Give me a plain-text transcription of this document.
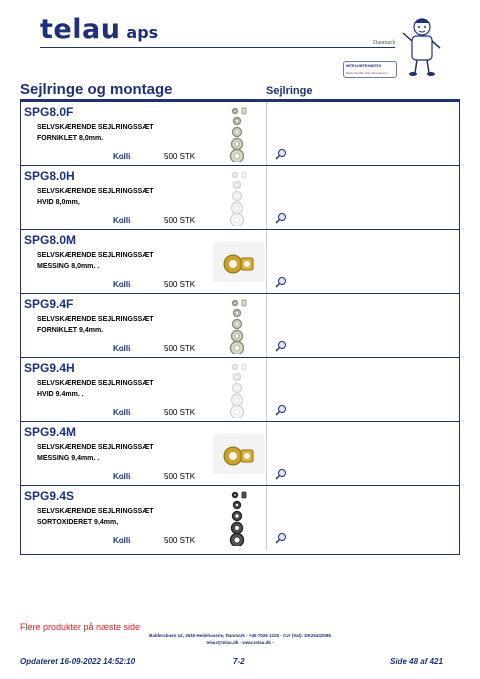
telau aps
Danmark
IMTEXLIMTEXIMITEX
Maske ID: 4100, 2012, Danmark af er
Sejlringe og montage	Sejlringe
SPG8.0F
SELVSKÆRENDE SEJLRINGSSÆT
FORNIKLET 8,0mm.
Kolli	500 STK
SPG8.0H
SELVSKÆRENDE SEJLRINGSSÆT
HVID 8,0mm,
Kolli	500 STK
SPG8.0M
SELVSKÆRENDE SEJLRINGSSÆT
MESSING 8,0mm. .
Kolli	500 STK
SPG9.4F
SELVSKÆRENDE SEJLRINGSSÆT
FORNIKLET 9,4mm.
Kolli	500 STK
SPG9.4H
SELVSKÆRENDE SEJLRINGSSÆT
HVID 9.4mm. .
Kolli	500 STK
SPG9.4M
SELVSKÆRENDE SEJLRINGSSÆT
MESSING 9,4mm. .
Kolli	500 STK
SPG9.4S
SELVSKÆRENDE SEJLRINGSSÆT
SORTOXIDERET 9,4mm,
Kolli	500 STK
Flere produkter på næste side
Baldersbuen 14, 2640 Hedehusene, Danmark - +45 7026 1220 - Cvr (Vat): DK25432088
telau@telau.dk - www.telau.dk -
Opdateret 16-09-2022 14:52:10	7-2	Side 48 af 421
